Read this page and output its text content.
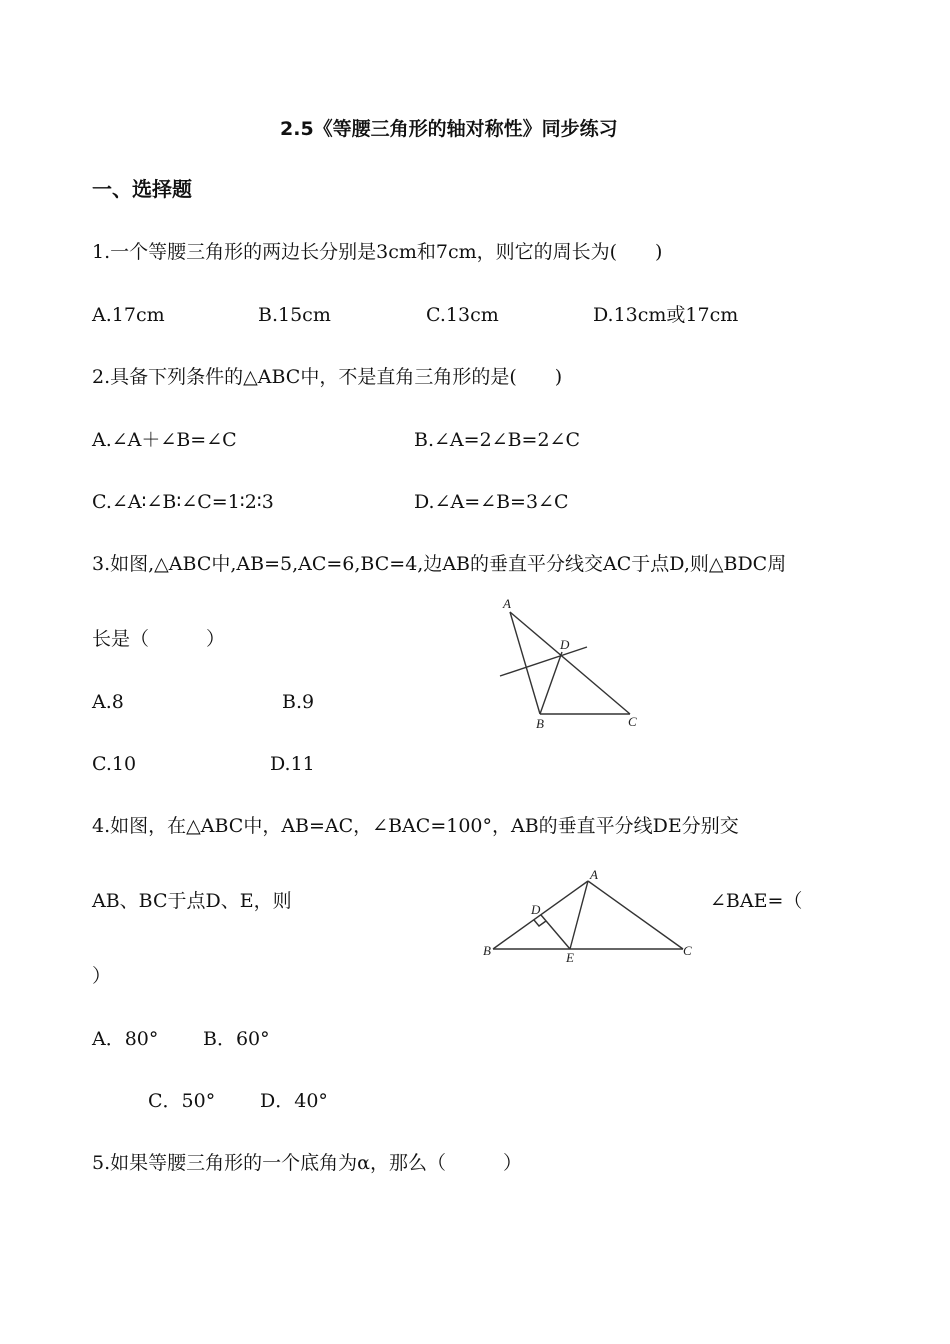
2.5《等腰三角形的轴对称性》同步练习
一、选择题
1.一个等腰三角形的两边长分别是3cm和7cm，则它的周长为(　　)
A.17cm	B.15cm	C.13cm	D.13cm或17cm
2.具备下列条件的△ABC中，不是直角三角形的是(　　)
A.∠A＋∠B=∠C	B.∠A=2∠B=2∠C
C.∠A∶∠B∶∠C=1∶2∶3	D.∠A=∠B=3∠C
3.如图,△ABC中,AB=5,AC=6,BC=4,边AB的垂直平分线交AC于点D,则△BDC周
长是（　　　）
A.8	B.9
C.10	D.11
A
D
B	C
4.如图，在△ABC中，AB=AC，∠BAC=100°，AB的垂直平分线DE分别交
AB、BC于点D、E，则	∠BAE=（
）
A．80° B．60°
C．50° D．40°
A
D
B	E	C
5.如果等腰三角形的一个底角为α，那么（　　　）
